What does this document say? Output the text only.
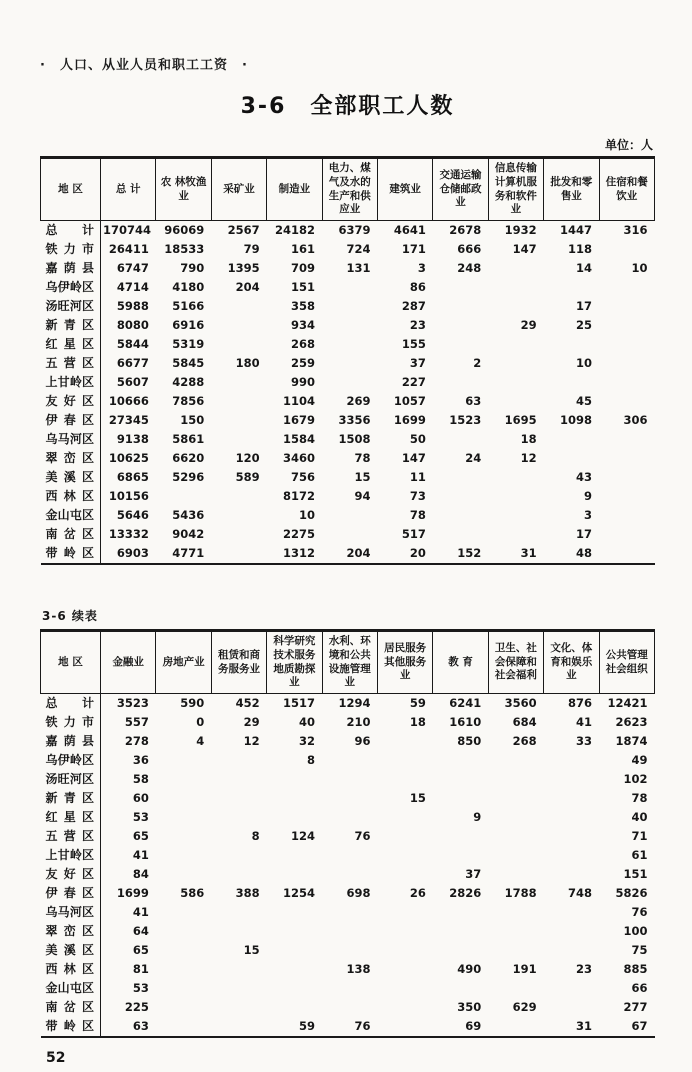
·　人口、从业人员和职工工资　·
3-6　全部职工人数
单位：人
地 区	总 计	农 林牧渔业	采矿业	制造业	电力、煤气及水的生产和供应业	建筑业	交通运输仓储邮政业	信息传输计算机服务和软件业	批发和零售业	住宿和餐饮业
总 计	170744	96069	2567	24182	6379	4641	2678	1932	1447	316
铁 力 市	26411	18533	79	161	724	171	666	147	118	
嘉 荫 县	6747	790	1395	709	131	3	248		14	10
乌伊岭区	4714	4180	204	151		86				
汤旺河区	5988	5166		358		287			17	
新 青 区	8080	6916		934		23		29	25	
红 星 区	5844	5319		268		155				
五 营 区	6677	5845	180	259		37	2		10	
上甘岭区	5607	4288		990		227				
友 好 区	10666	7856		1104	269	1057	63		45	
伊 春 区	27345	150		1679	3356	1699	1523	1695	1098	306
乌马河区	9138	5861		1584	1508	50		18		
翠 峦 区	10625	6620	120	3460	78	147	24	12		
美 溪 区	6865	5296	589	756	15	11			43	
西 林 区	10156			8172	94	73			9	
金山屯区	5646	5436		10		78			3	
南 岔 区	13332	9042		2275		517			17	
带 岭 区	6903	4771		1312	204	20	152	31	48	
3-6 续表
地 区	金融业	房地产业	租赁和商务服务业	科学研究技术服务地质勘探业	水利、环境和公共设施管理业	居民服务其他服务业	教 育	卫生、社会保障和社会福利	文化、体育和娱乐业	公共管理社会组织
总 计	3523	590	452	1517	1294	59	6241	3560	876	12421
铁 力 市	557	0	29	40	210	18	1610	684	41	2623
嘉 荫 县	278	4	12	32	96		850	268	33	1874
乌伊岭区	36			8						49
汤旺河区	58									102
新 青 区	60					15				78
红 星 区	53						9			40
五 营 区	65		8	124	76					71
上甘岭区	41									61
友 好 区	84						37			151
伊 春 区	1699	586	388	1254	698	26	2826	1788	748	5826
乌马河区	41									76
翠 峦 区	64									100
美 溪 区	65		15							75
西 林 区	81				138		490	191	23	885
金山屯区	53									66
南 岔 区	225						350	629		277
带 岭 区	63			59	76		69		31	67
52
